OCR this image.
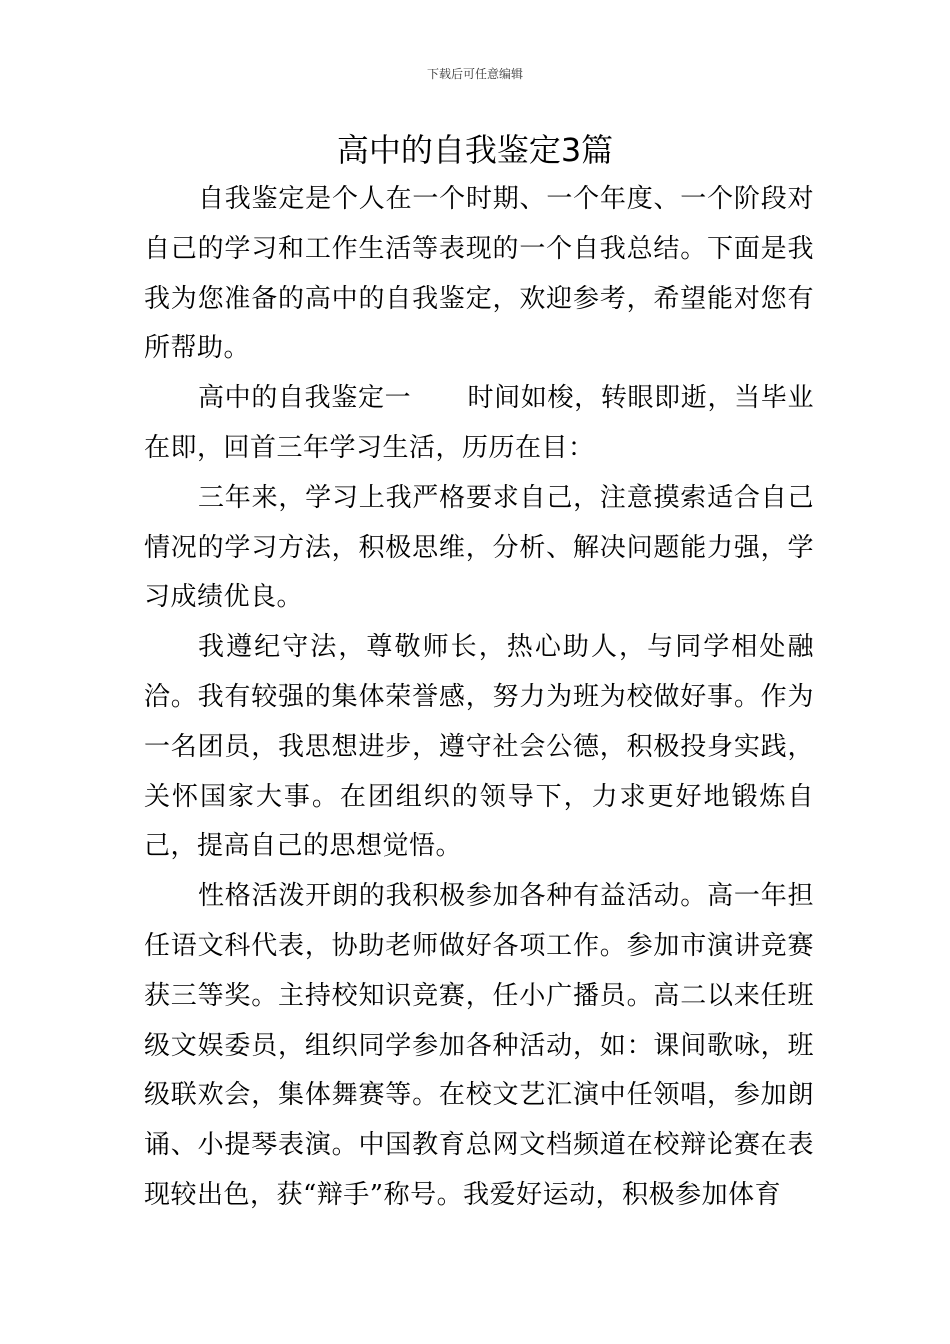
下载后可任意编辑
高中的自我鉴定3篇

自我鉴定是个人在一个时期、一个年度、一个阶段对自己的学习和工作生活等表现的一个自我总结。下面是我我为您准备的高中的自我鉴定，欢迎参考，希望能对您有所帮助。

高中的自我鉴定一 时间如梭，转眼即逝，当毕业在即，回首三年学习生活，历历在目：

三年来，学习上我严格要求自己，注意摸索适合自己情况的学习方法，积极思维，分析、解决问题能力强，学习成绩优良。

我遵纪守法，尊敬师长，热心助人，与同学相处融洽。我有较强的集体荣誉感，努力为班为校做好事。作为一名团员，我思想进步，遵守社会公德，积极投身实践，关怀国家大事。在团组织的领导下，力求更好地锻炼自己，提高自己的思想觉悟。

性格活泼开朗的我积极参加各种有益活动。高一年担任语文科代表，协助老师做好各项工作。参加市演讲竞赛获三等奖。主持校知识竞赛，任小广播员。高二以来任班级文娱委员，组织同学参加各种活动，如：课间歌咏，班级联欢会，集体舞赛等。在校文艺汇演中任领唱，参加朗诵、小提琴表演。中国教育总网文档频道在校辩论赛在表现较出色，获“辩手”称号。我爱好运动，积极参加体育
